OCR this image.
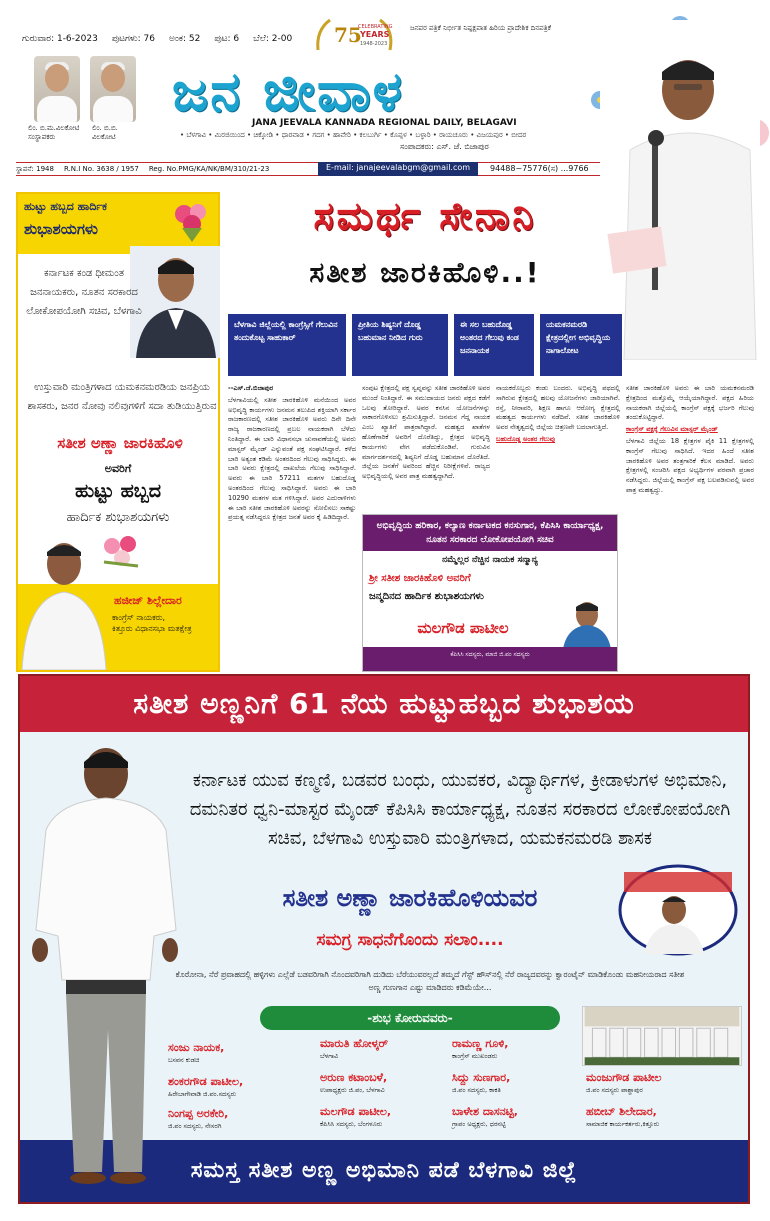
ಗುರುವಾರ: 1-6-2023 ಪುಟಗಳು: 76 ಅಂಕ: 52 ಪುಟ: 6 ಬೆಲೆ: 2-00
ಲಿಂ. ಬಿ.ಮ.ವಿಲಕೋಟಿ
ಸಂಸ್ಥಾಪಕರು
ಲಿಂ. ಬಿ.ಬಿ.
ವಿಲಕೋಟಿ
75
CELEBRATING
YEARS
1948-2023
ಜನಪರ ಪತ್ರಿಕೆ ನಿರ್ಭೀತ ನಿಷ್ಪಕ್ಷಪಾತ ಹಿರಿಯ ಪ್ರಾದೇಶಿಕ ದಿನಪತ್ರಿಕೆ
ಜನ ಜೀವಾಳ
JANA JEEVALA KANNADA REGIONAL DAILY, BELAGAVI
• ಬೆಳಗಾವಿ • ಮಿರಜಿಯಿಂದ • ಚಿಕ್ಕೋಡಿ • ಧಾರವಾಡ • ಗದಗ • ಹಾವೇರಿ • ಕಲಬುರ್ಗಿ • ಕೊಪ್ಪಳ • ಬಳ್ಳಾರಿ • ರಾಯಚೂರು • ವಿಜಯಪುರ • ಬೀದರ
ಸಂಪಾದಕರು: ಎಸ್. ಜೆ. ಬಿಜಾಪುರ
ಸ್ಥಾಪನೆ: 1948 R.N.I No. 3638 / 1957 Reg. No.PMG/KA/NK/BM/310/21-23	E-mail: janajeevalabgm@gmail.com	94488~75776(ಸ) ...9766
ಹುಟ್ಟು ಹಬ್ಬದ ಹಾರ್ದಿಕ
ಶುಭಾಶಯಗಳು
ಕರ್ನಾಟಕ ಕಂಡ ಧೀಮಂತ ಜನನಾಯಕರು, ನೂತನ ಸರಕಾರದ ಲೋಕೋಪಯೋಗಿ ಸಚಿವ, ಬೆಳಗಾವಿ
ಉಸ್ತುವಾರಿ ಮಂತ್ರಿಗಳಾದ ಯಮಕನಮರಡಿಯ ಜನಪ್ರಿಯ ಶಾಸಕರು, ಜನರ ನೋವು ನಲಿವುಗಳಿಗೆ ಸದಾ ತುಡಿಯುತ್ತಿರುವ
ಸತೀಶ ಅಣ್ಣಾ ಜಾರಕಿಹೊಳಿ
ಅವರಿಗೆ
ಹುಟ್ಟು ಹಬ್ಬದ
ಹಾರ್ದಿಕ ಶುಭಾಶಯಗಳು
ಹಜೀಜ್ ಶಿಲ್ಲೇದಾರ
ಕಾಂಗ್ರೆಸ್ ನಾಯಕರು,
ಕಿತ್ತೂರು ವಿಧಾನಸಭಾ ಮತಕ್ಷೇತ್ರ
ಸಮರ್ಥ ಸೇನಾನಿ
ಸತೀಶ ಜಾರಕಿಹೊಳಿ..!
ಬೆಳಗಾವಿ ಜಿಲ್ಲೆಯಲ್ಲಿ ಕಾಂಗ್ರೆಸ್ಸಿಗೆ ಗೆಲುವಿನ ತಂದುಕೊಟ್ಟ ಸಾಹುಕಾರ್
ಪ್ರೀತಿಯ ಶಿಷ್ಯನಿಗೆ ದೊಡ್ಡ ಬಹುಮಾನ ನೀಡಿದ ಗುರು
ಈ ಸಲ ಬಹುದೊಡ್ಡ ಅಂತರದ ಗೆಲುವು ಕಂಡ ಜನನಾಯಕ
ಯಮಕನಮರಡಿ ಕ್ಷೇತ್ರದಲ್ಲೀಗ ಅಭಿವೃದ್ಧಿಯ ನಾಗಾಲೋಟ

--ಎಸ್.ಜೆ.ಬಿಜಾಪುರ

ಬೆಳಗಾವಿಯಲ್ಲಿ ಸತೀಶ ಜಾರಕಿಹೊಳಿ ಮನೆಯಿಂದ ಅವರ ಅಭಿವೃದ್ಧಿ ಕಾರ್ಯಗಳು ಜನಮನ ತಲುಪಿದ ಶಕ್ತಿಯಾಗಿ ಸರ್ಕಾರ ರಾಜಕಾರಣದಲ್ಲಿ ಸತೀಶ ಜಾರಕಿಹೊಳಿ ಅವರು ದಿನೇ ದಿನೇ ರಾಜ್ಯ ರಾಜಕಾರಣದಲ್ಲಿ ಪ್ರಬಲ ನಾಯಕರಾಗಿ ಬೆಳೆದು ನಿಂತಿದ್ದಾರೆ. ಈ ಬಾರಿ ವಿಧಾನಸಭಾ ಚುನಾವಣೆಯಲ್ಲಿ ಅವರು ಮಾಸ್ಟರ್ ಮೈಂಡ್ ಎನ್ನುವಂತೆ ಪಕ್ಷ ಸಂಘಟಿಸಿದ್ದಾರೆ. ಕಳೆದ ಬಾರಿ ಅತ್ಯಂತ ಕಡಿಮೆ ಅಂತರದಿಂದ ಗೆಲುವು ಸಾಧಿಸಿದ್ದರು. ಈ ಬಾರಿ ಅವರು ಕ್ಷೇತ್ರದಲ್ಲಿ ದಾಖಲೆಯ ಗೆಲುವು ಸಾಧಿಸಿದ್ದಾರೆ. ಅವರು ಈ ಬಾರಿ 57211 ಮತಗಳ ಬಹುದೊಡ್ಡ ಅಂತರದಿಂದ ಗೆಲುವು ಸಾಧಿಸಿದ್ದಾರೆ. ಅವರು ಈ ಬಾರಿ 10290 ಮತಗಳ ಮತ ಗಳಿಸಿದ್ದಾರೆ. ಅವರ ಎದುರಾಳಿಗಳು ಈ ಬಾರಿ ಸತೀಶ ಜಾರಕಿಹೊಳಿ ಅವರನ್ನು ಸೋಲಿಸಲು ಸಾಕಷ್ಟು ಪ್ರಯತ್ನ ನಡೆಸಿದ್ದರೂ ಕ್ಷೇತ್ರದ ಜನತೆ ಅವರ ಕೈ ಹಿಡಿದಿದ್ದಾರೆ.

ಸಂಪುಟ ಕ್ಷೇತ್ರದಲ್ಲಿ ಪಕ್ಷ ಸ್ವಪ್ನವನ್ನು ಸತೀಶ ಜಾರಕಿಹೊಳಿ ಅವರ ಮುಂದೆ ನಿಂತಿದ್ದಾರೆ. ಈ ಸಮುದಾಯದ ಜನರು ಪಕ್ಷದ ಕಡೆಗೆ ಒಲವು ತೋರಿದ್ದಾರೆ. ಅವರ ಕನಸಿನ ಯೋಜನೆಗಳನ್ನು ಸಾಕಾರಗೊಳಿಸಲು ಶ್ರಮಿಸುತ್ತಿದ್ದಾರೆ. ಜನಮನ ಗೆದ್ದ ನಾಯಕ ಎಂಬ ಖ್ಯಾತಿಗೆ ಪಾತ್ರರಾಗಿದ್ದಾರೆ. ಮಹತ್ವದ ಖಾತೆಗಳ ಹೊಣೆಗಾರಿಕೆ ಅವರಿಗೆ ದೊರೆತಿದ್ದು, ಕ್ಷೇತ್ರದ ಅಭಿವೃದ್ಧಿ ಕಾರ್ಯಗಳು ವೇಗ ಪಡೆದುಕೊಂಡಿವೆ. ಗುರುವಿನ ಮಾರ್ಗದರ್ಶನದಲ್ಲಿ ಶಿಷ್ಯನಿಗೆ ದೊಡ್ಡ ಬಹುಮಾನ ದೊರೆತಿದೆ. ಜಿಲ್ಲೆಯ ಜನತೆಗೆ ಅವರಿಂದ ಹೆಚ್ಚಿನ ನಿರೀಕ್ಷೆಗಳಿವೆ. ರಾಜ್ಯದ ಅಭಿವೃದ್ಧಿಯಲ್ಲಿ ಅವರ ಪಾತ್ರ ಮಹತ್ವದ್ದಾಗಿದೆ.

ನಾಯಕರೊಬ್ಬರು ಕಂಡು ಬಂದರು. ಅಭಿವೃದ್ಧಿ ಪಥದಲ್ಲಿ ಸಾಗಿರುವ ಕ್ಷೇತ್ರದಲ್ಲಿ ಹಲವು ಯೋಜನೆಗಳು ಜಾರಿಯಾಗಿವೆ. ರಸ್ತೆ, ನೀರಾವರಿ, ಶಿಕ್ಷಣ ಹಾಗೂ ಆರೋಗ್ಯ ಕ್ಷೇತ್ರದಲ್ಲಿ ಮಹತ್ವದ ಕಾರ್ಯಗಳು ನಡೆದಿವೆ. ಸತೀಶ ಜಾರಕಿಹೊಳಿ ಅವರ ನೇತೃತ್ವದಲ್ಲಿ ಜಿಲ್ಲೆಯ ಚಿತ್ರಣವೇ ಬದಲಾಗುತ್ತಿದೆ.

ಬಹುದೊಡ್ಡ ಅಂತರ ಗೆಲುವು

ಸತೀಶ ಜಾರಕಿಹೊಳಿ ಅವರು ಈ ಬಾರಿ ಯಮಕನಮರಡಿ ಕ್ಷೇತ್ರದಿಂದ ಮತ್ತೊಮ್ಮೆ ಆಯ್ಕೆಯಾಗಿದ್ದಾರೆ. ಪಕ್ಷದ ಹಿರಿಯ ನಾಯಕರಾಗಿ ಜಿಲ್ಲೆಯಲ್ಲಿ ಕಾಂಗ್ರೆಸ್ ಪಕ್ಷಕ್ಕೆ ಭರ್ಜರಿ ಗೆಲುವು ತಂದುಕೊಟ್ಟಿದ್ದಾರೆ.

ಕಾಂಗ್ರೆಸ್ ಪಕ್ಷಕ್ಕೆ ಗೆಲುವಿನ ಮಾಸ್ಟರ್ ಮೈಂಡ್

ಬೆಳಗಾವಿ ಜಿಲ್ಲೆಯ 18 ಕ್ಷೇತ್ರಗಳ ಪೈಕಿ 11 ಕ್ಷೇತ್ರಗಳಲ್ಲಿ ಕಾಂಗ್ರೆಸ್ ಗೆಲುವು ಸಾಧಿಸಿದೆ. ಇದರ ಹಿಂದೆ ಸತೀಶ ಜಾರಕಿಹೊಳಿ ಅವರ ತಂತ್ರಗಾರಿಕೆ ಕೆಲಸ ಮಾಡಿದೆ. ಅವರು ಕ್ಷೇತ್ರಗಳಲ್ಲಿ ಸಂಚರಿಸಿ ಪಕ್ಷದ ಅಭ್ಯರ್ಥಿಗಳ ಪರವಾಗಿ ಪ್ರಚಾರ ನಡೆಸಿದ್ದರು. ಜಿಲ್ಲೆಯಲ್ಲಿ ಕಾಂಗ್ರೆಸ್ ಪಕ್ಷ ಬಲಪಡಿಸುವಲ್ಲಿ ಅವರ ಪಾತ್ರ ಮಹತ್ವದ್ದು.

ಅಭಿವೃದ್ಧಿಯ ಹರಿಕಾರ, ಕಲ್ಯಾಣ ಕರ್ನಾಟಕದ ಕನಸುಗಾರ, ಕೆಪಿಸಿಸಿ ಕಾರ್ಯಾಧ್ಯಕ್ಷ, ನೂತನ ಸರಕಾರದ ಲೋಕೋಪಯೋಗಿ ಸಚಿವ
ನಮ್ಮೆಲ್ಲರ ನೆಚ್ಚಿನ ನಾಯಕ ಸನ್ಮಾನ್ಯ
ಶ್ರೀ ಸತೀಶ ಜಾರಕಿಹೊಳಿ ಅವರಿಗೆ
ಜನ್ಮದಿನದ ಹಾರ್ದಿಕ ಶುಭಾಶಯಗಳು
ಮಲಗೌಡ ಪಾಟೀಲ
ಕೆಪಿಸಿಸಿ ಸದಸ್ಯರು, ಮಾಜಿ ಜಿ.ಪಂ ಸದಸ್ಯರು
ಸತೀಶ ಅಣ್ಣನಿಗೆ 61 ನೆಯ ಹುಟ್ಟುಹಬ್ಬದ ಶುಭಾಶಯ
ಕರ್ನಾಟಕ ಯುವ ಕಣ್ಮಣಿ, ಬಡವರ ಬಂಧು, ಯುವಕರ, ವಿದ್ಯಾರ್ಥಿಗಳ, ಕ್ರೀಡಾಳುಗಳ ಅಭಿಮಾನಿ, ದಮನಿತರ ಧ್ವನಿ-ಮಾಸ್ಟರ ಮೈಂಡ್ ಕೆಪಿಸಿಸಿ ಕಾರ್ಯಾಧ್ಯಕ್ಷ, ನೂತನ ಸರಕಾರದ ಲೋಕೋಪಯೋಗಿ ಸಚಿವ, ಬೆಳಗಾವಿ ಉಸ್ತುವಾರಿ ಮಂತ್ರಿಗಳಾದ, ಯಮಕನಮರಡಿ ಶಾಸಕ
ಸತೀಶ ಅಣ್ಣಾ ಜಾರಕಿಹೊಳಿಯವರ
ಸಮಗ್ರ ಸಾಧನೆಗೊಂದು ಸಲಾಂ....
ಕೊರೋನಾ, ನೆರೆ ಪ್ರವಾಹದಲ್ಲಿ ಹಳ್ಳಿಗಳು ಎಲ್ಲೆಡೆ ಬಡವರಿಗಾಗಿ ನೊಂದವರಿಗಾಗಿ ದುಡಿದು ಬೆರೆಯುವರಲ್ಲದೆ ತಮ್ಮದೆ ಗೆಸ್ಟ್ ಹೌಸ್‌ನಲ್ಲಿ ನೆರೆ ರಾಜ್ಯದವರನ್ನು ಕ್ವಾರಂಟೈನ್ ಮಾಡಿಕೊಂಡು ಮಹನೀಯರಾದ ಸತೀಶ ಅಣ್ಣ ಗುಣಗಾನ ಎಷ್ಟು ಮಾಡಿದರು ಕಡಿಮೆಯೇ...
-ಶುಭ ಕೋರುವವರು-
ಸಂಜು ನಾಯಕ,
ಬಸವನ ಕುಡಚಿ
ಮಾರುತಿ ಹೋಳ್ಕರ್
ಬೆಳಗಾವಿ
ರಾಮಣ್ಣ ಗೂಳಿ,
ಕಾಂಗ್ರೆಸ್ ಮುಖಂಡರು
ಶಂಕರಗೌಡ ಪಾಟೀಲ,
ಹಿರೇಬಾಗೇವಾಡಿ ಜಿ.ಪಂ.ಸದಸ್ಯರು
ಅರುಣ ಕಟಾಂಬಳೆ,
ಉಪಾಧ್ಯಕ್ಷರು ಜಿ.ಪಂ, ಬೆಳಗಾವಿ
ಸಿದ್ದು ಸುಣಗಾರ,
ಜಿ.ಪಂ ಸದಸ್ಯರು, ಕಾಕತಿ
ಮಂಜುಗೌಡ ಪಾಟೀಲ
ಜಿ.ಪಂ ಸದಸ್ಯರು ಪಾಶ್ಚಾಪುರ
ನಿಂಗಪ್ಪ ಅರಕೇರಿ,
ಜಿ.ಪಂ ಸದಸ್ಯರು, ನೇಸರಗಿ
ಮಲಗೌಡ ಪಾಟೀಲ,
ಕೆಪಿಸಿಸಿ ಸದಸ್ಯರು, ಬೆಂಗಳೂರು
ಬಾಳೇಶ ದಾಸನಟ್ಟಿ,
ಗ್ರಾಪಂ ಅಧ್ಯಕ್ಷರು, ಧರನಟ್ಟಿ
ಹಬೀಬ್ ಶಿಲೇದಾರ,
ಸಾಮಾಜಿಕ ಕಾರ್ಯಕರ್ತರು,ಕಿತ್ತೂರು
ಸಮಸ್ತ ಸತೀಶ ಅಣ್ಣ ಅಭಿಮಾನಿ ಪಡೆ ಬೆಳಗಾವಿ ಜಿಲ್ಲೆ
